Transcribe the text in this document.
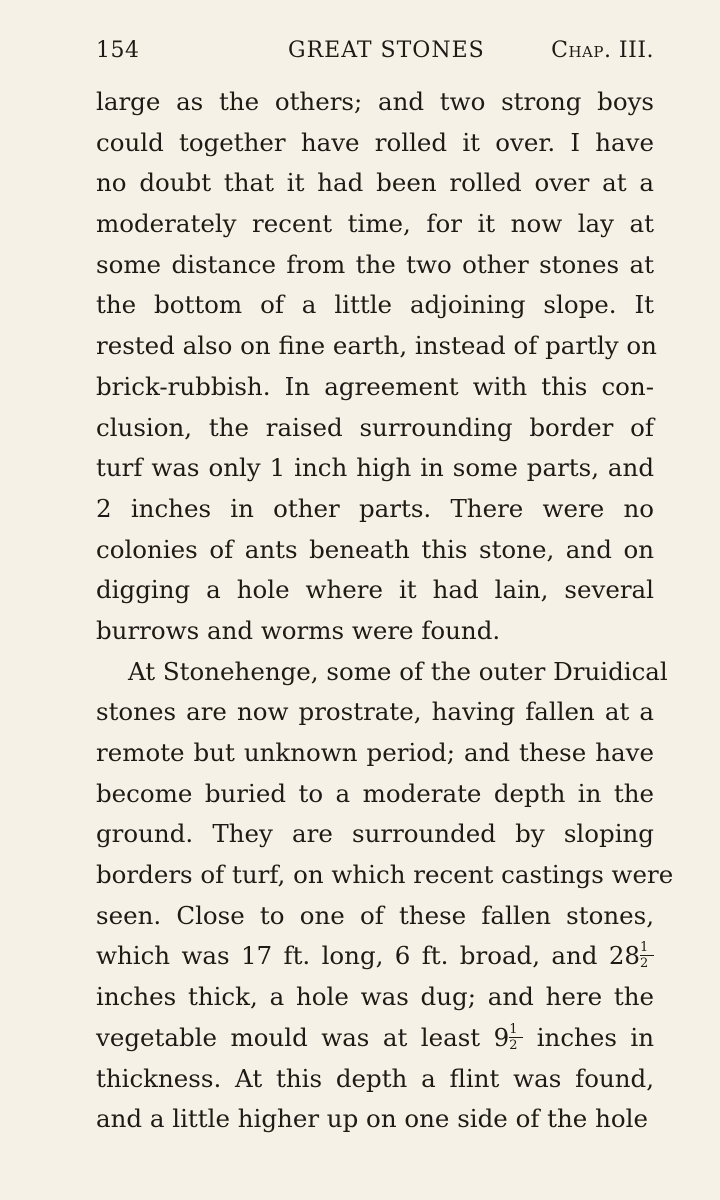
154	GREAT STONES	Chap. III.
large as the others; and two strong boys
could together have rolled it over. I have
no doubt that it had been rolled over at a
moderately recent time, for it now lay at
some distance from the two other stones at
the bottom of a little adjoining slope. It
rested also on fine earth, instead of partly on
brick-rubbish. In agreement with this con-
clusion, the raised surrounding border of
turf was only 1 inch high in some parts, and
2 inches in other parts. There were no
colonies of ants beneath this stone, and on
digging a hole where it had lain, several
burrows and worms were found.
At Stonehenge, some of the outer Druidical
stones are now prostrate, having fallen at a
remote but unknown period; and these have
become buried to a moderate depth in the
ground. They are surrounded by sloping
borders of turf, on which recent castings were
seen. Close to one of these fallen stones,
which was 17 ft. long, 6 ft. broad, and $28 \frac{1}{2}$
inches thick, a hole was dug; and here the
vegetable mould was at least $9 \frac{1}{2}$ inches in
thickness. At this depth a flint was found,
and a little higher up on one side of the hole
